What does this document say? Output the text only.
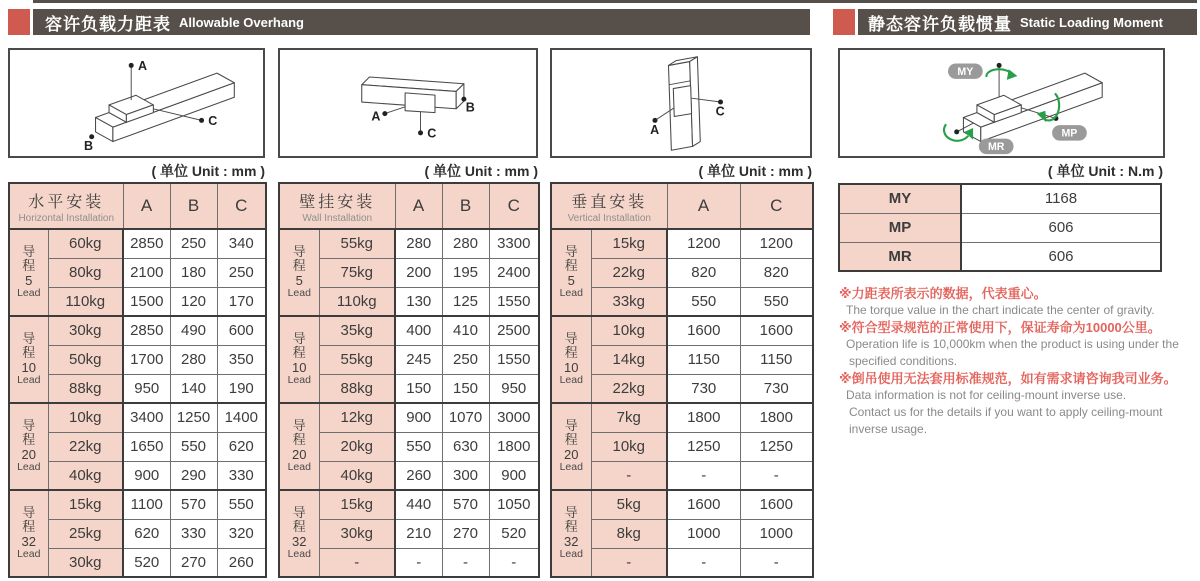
容许负载力距表 Allowable Overhang	静态容许负载惯量 Static Loading Moment
A
C
B
A
B
C	A
C
MY
MP
MR
( 单位 Unit : mm )	( 单位 Unit : mm )	( 单位 Unit : mm )	( 单位 Unit : N.m )
水平安装
Horizontal Installation		A	B	C

导
程
5
Lead	60kg	2850	250	340
	80kg	2100	180	250
	110kg	1500	120	170

导
程
10
Lead	30kg	2850	490	600
	50kg	1700	280	350
	88kg	950	140	190

导
程
20
Lead	10kg	3400	1250	1400
	22kg	1650	550	620
	40kg	900	290	330

导
程
32
Lead	15kg	1100	570	550
	25kg	620	330	320
	30kg	520	270	260
壁挂安装
Wall Installation		A	B	C

导
程
5
Lead	55kg	280	280	3300
	75kg	200	195	2400
	110kg	130	125	1550

导
程
10
Lead	35kg	400	410	2500
	55kg	245	250	1550
	88kg	150	150	950

导
程
20
Lead	12kg	900	1070	3000
	20kg	550	630	1800
	40kg	260	300	900

导
程
32
Lead	15kg	440	570	1050
	30kg	210	270	520
	-	-	-	-
垂直安装
Vertical Installation		A	C

导
程
5
Lead	15kg	1200	1200
	22kg	820	820
	33kg	550	550

导
程
10
Lead	10kg	1600	1600
	14kg	1150	1150
	22kg	730	730

导
程
20
Lead	7kg	1800	1800
	10kg	1250	1250
	-	-	-

导
程
32
Lead	5kg	1600	1600
	8kg	1000	1000
	-	-	-
MY	1168
MP	606
MR	606
※力距表所表示的数据，代表重心。
The torque value in the chart indicate the center of gravity.
※符合型录规范的正常使用下，保证寿命为10000公里。
Operation life is 10,000km when the product is using under the
specified conditions.
※倒吊使用无法套用标准规范，如有需求请咨询我司业务。
Data information is not for ceiling-mount inverse use.
Contact us for the details if you want to apply ceiling-mount
inverse usage.
